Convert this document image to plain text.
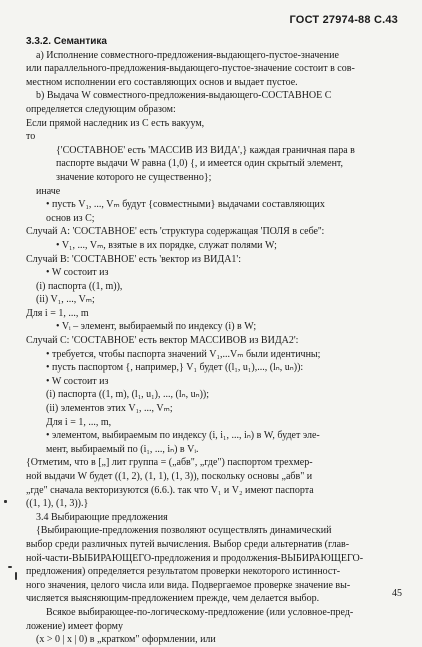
ГОСТ 27974-88 С.43
3.3.2. Семантика
a) Исполнение совместного-предложения-выдающего-пустое-значение
или параллельного-предложения-выдающего-пустое-значение состоит в сов-
местном исполнении его составляющих основ и выдает пустое.
b) Выдача W совместного-предложения-выдающего-СОСТАВНОЕ С
определяется следующим образом:
Если прямой наследник из С есть вакуум,
то
{'СОСТАВНОЕ' есть 'МАССИВ ИЗ ВИДА',} каждая граничная пара в
паспорте выдачи W равна (1,0) {, и имеется один скрытый элемент,
значение которого не существенно};
иначе
• пусть V₁, ..., Vₘ будут {совместными} выдачами составляющих
основ из С;
Случай А: 'СОСТАВНОЕ' есть 'структура содержащая 'ПОЛЯ в себе'':
• V₁, ..., Vₘ, взятые в их порядке, служат полями W;
Случай В: 'СОСТАВНОЕ' есть 'вектор из ВИДА1':
• W состоит из
(i) паспорта ((1, m)),
(ii) V₁, ..., Vₘ;
Для i = 1, ..., m
• Vᵢ – элемент, выбираемый по индексу (i) в W;
Случай С: 'СОСТАВНОЕ' есть вектор МАССИВОВ из ВИДА2':
• требуется, чтобы паспорта значений V₁,...Vₘ были идентичны;
• пусть паспортом {, например,} V₁ будет ((l₁, u₁),..., (lₙ, uₙ)):
• W состоит из
(i) паспорта ((1, m), (l₁, u₁), ..., (lₙ, uₙ));
(ii) элементов этих V₁, ..., Vₘ;
Для i = 1, ..., m,
• элементом, выбираемым по индексу (i, i₁, ..., iₙ) в W, будет эле-
мент, выбираемый по (i₁, ..., iₙ) в Vᵢ.
{Отметим, что в [„] лит группа = („абв", „где") паспортом трехмер-
ной выдачи W будет ((1, 2), (1, 1), (1, 3)), поскольку основы „абв" и
„где" сначала векторизуются (6.6.). так что V₁ и V₂ имеют паспорта
((1, 1), (1, 3)).}
3.4 Выбирающие предложения
{Выбирающие-предложения позволяют осуществлять динамический
выбор среди различных путей вычисления. Выбор среди альтернатив (глав-
ной-части-ВЫБИРАЮЩЕГО-предложения и продолжения-ВЫБИРАЮЩЕГО-
предложения) определяется результатом проверки некоторого истинност-
ного значения, целого числа или вида. Подвергаемое проверке значение вы-
числяется выясняющим-предложением прежде, чем делается выбор.
Всякое выбирающее-по-логическому-предложение (или условное-пред-
ложение) имеет форму
(x > 0 | x | 0) в „кратком" оформлении, или
45
